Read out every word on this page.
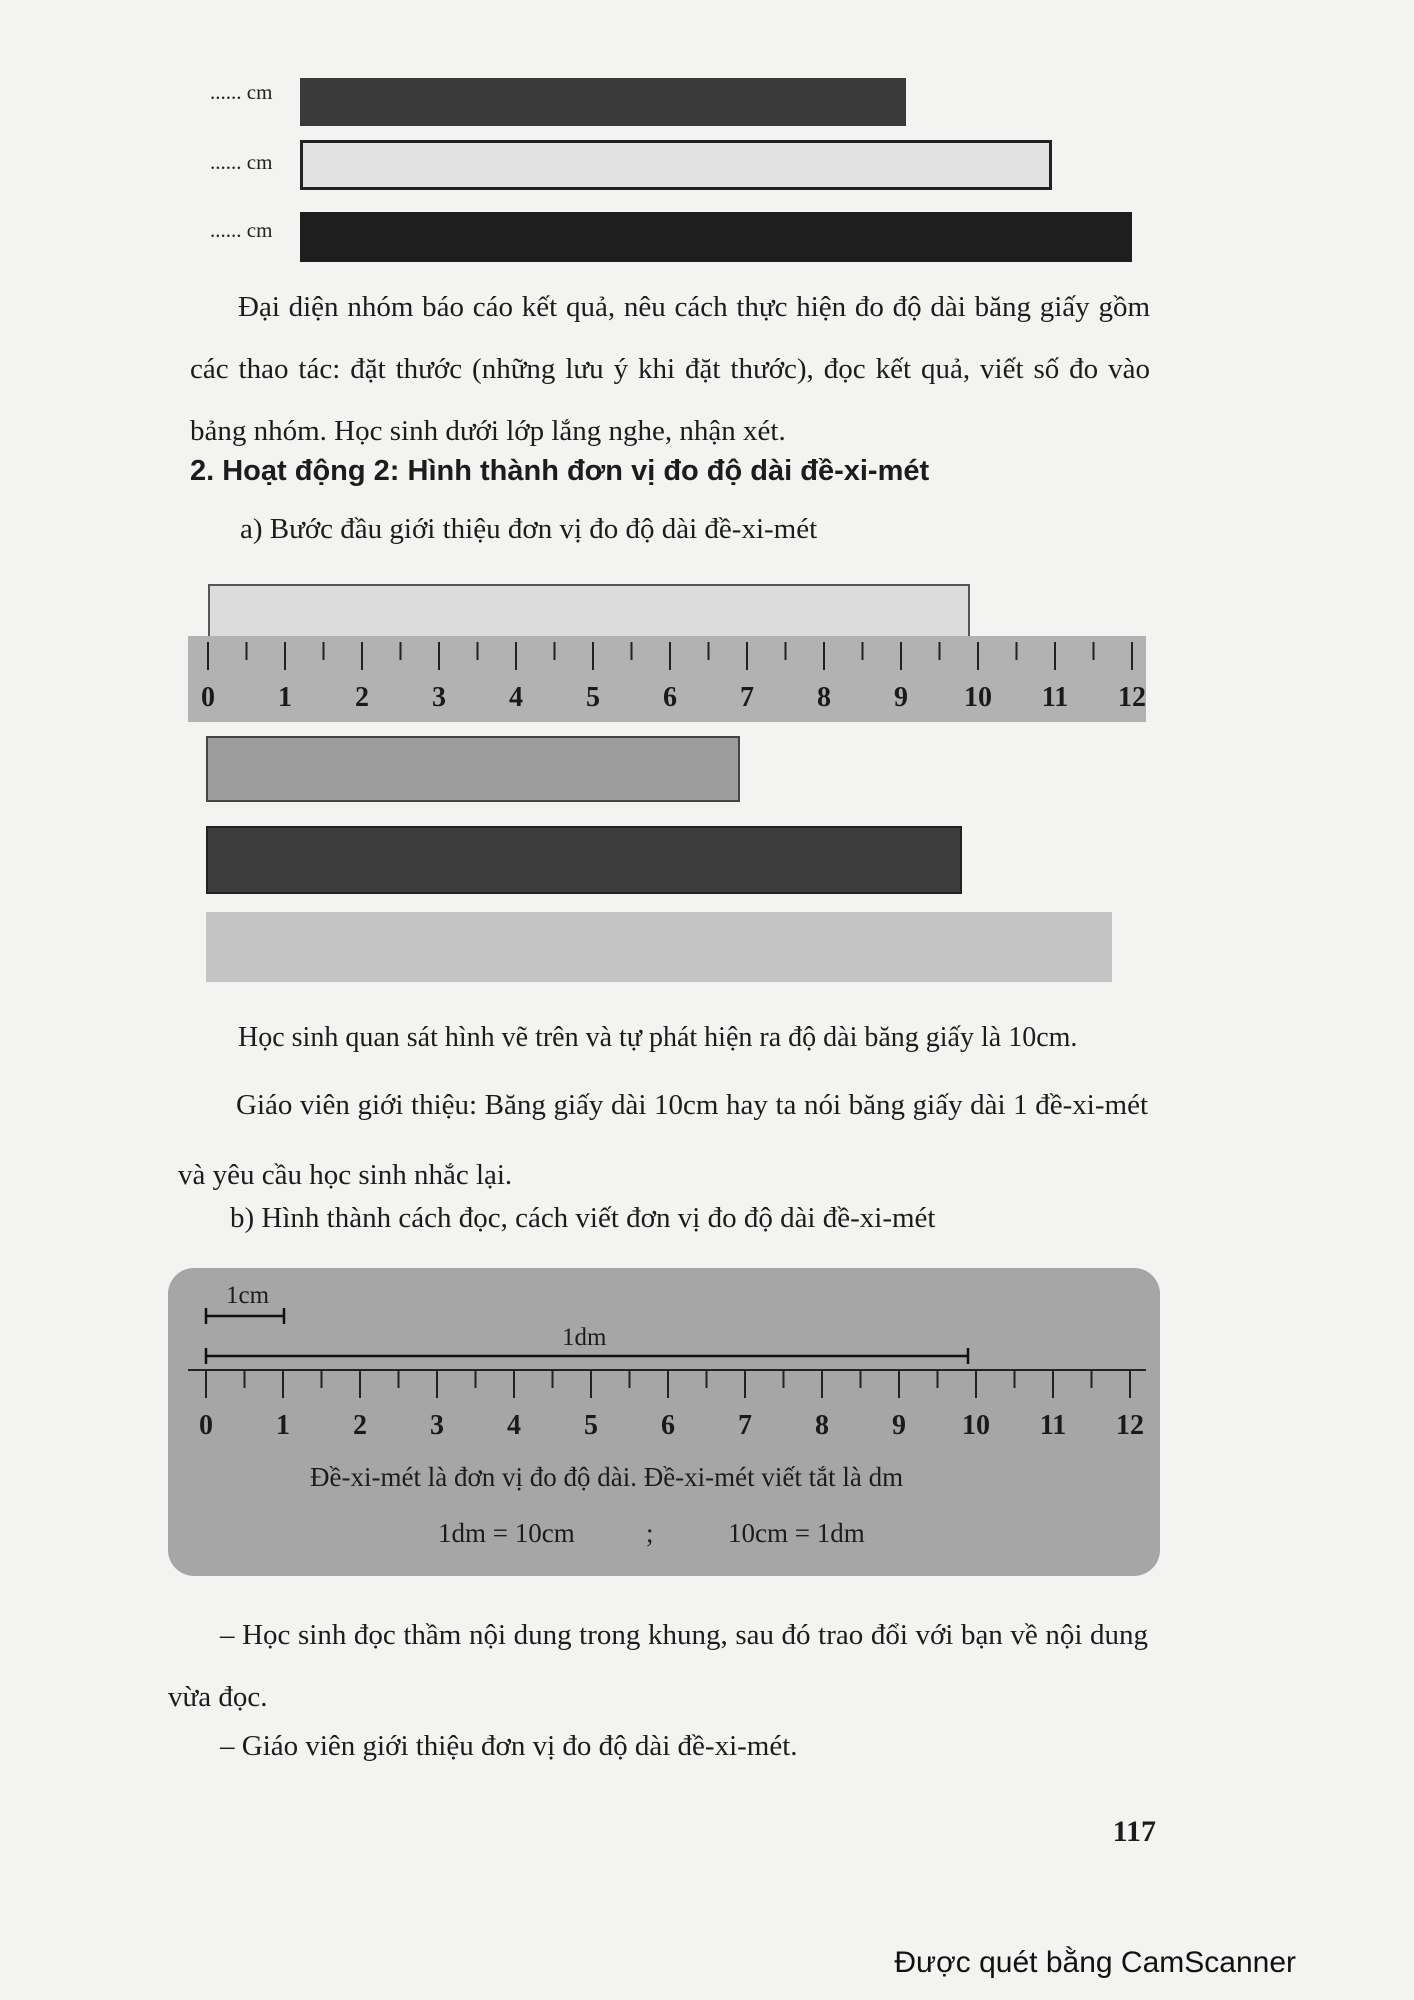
...... cm
...... cm
...... cm
Đại diện nhóm báo cáo kết quả, nêu cách thực hiện đo độ dài băng giấy gồm các thao tác: đặt thước (những lưu ý khi đặt thước), đọc kết quả, viết số đo vào bảng nhóm. Học sinh dưới lớp lắng nghe, nhận xét.
2. Hoạt động 2: Hình thành đơn vị đo độ dài đề-xi-mét
a) Bước đầu giới thiệu đơn vị đo độ dài đề-xi-mét
0 1 2 3 4 5 6 7 8 9 10 11 12
Học sinh quan sát hình vẽ trên và tự phát hiện ra độ dài băng giấy là 10cm.
Giáo viên giới thiệu: Băng giấy dài 10cm hay ta nói băng giấy dài 1 đề-xi-mét và yêu cầu học sinh nhắc lại.
b) Hình thành cách đọc, cách viết đơn vị đo độ dài đề-xi-mét
1cm
1dm
0 1 2 3 4 5 6 7 8 9 10 11 12
Đề-xi-mét là đơn vị đo độ dài. Đề-xi-mét viết tắt là dm
1dm = 10cm	;	10cm = 1dm
– Học sinh đọc thầm nội dung trong khung, sau đó trao đổi với bạn về nội dung vừa đọc.
– Giáo viên giới thiệu đơn vị đo độ dài đề-xi-mét.
117
Được quét bằng CamScanner
